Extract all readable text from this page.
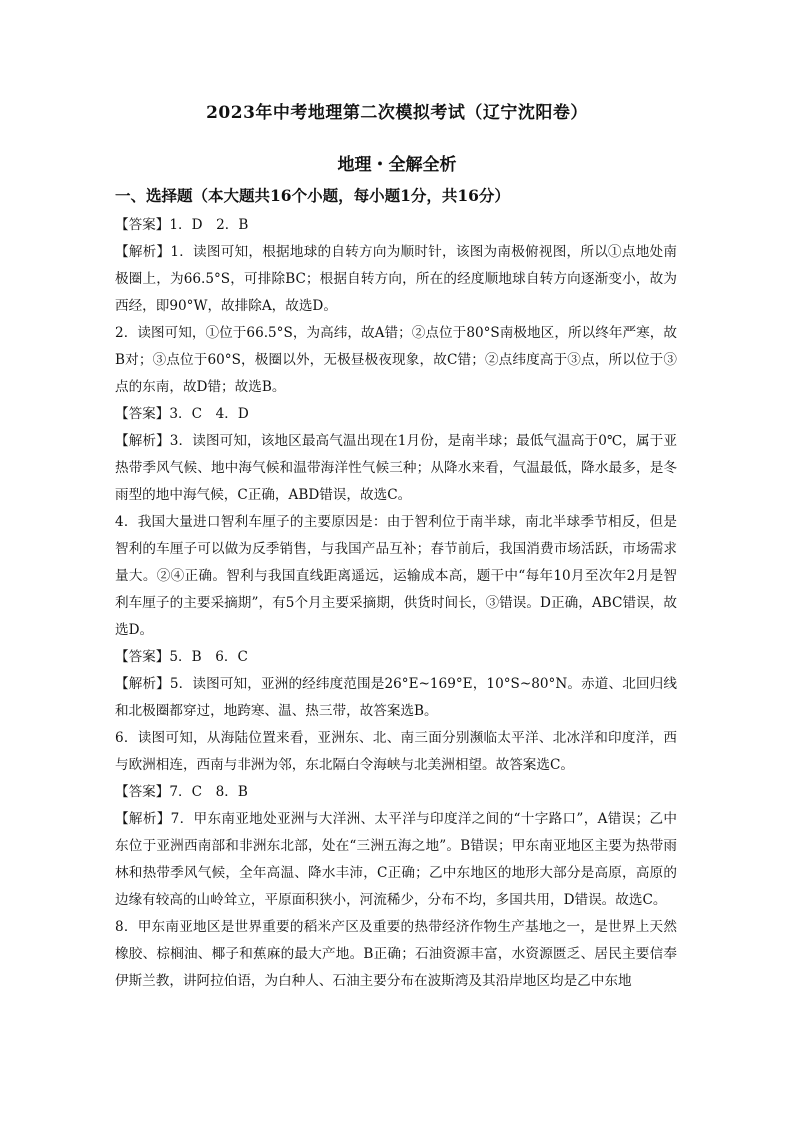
2023年中考地理第二次模拟考试（辽宁沈阳卷）
地理・全解全析
一、选择题（本大题共16个小题，每小题1分，共16分）

【答案】1．D　2．B

【解析】1．读图可知，根据地球的自转方向为顺时针，该图为南极俯视图，所以①点地处南极圈上，为66.5°S，可排除BC；根据自转方向，所在的经度顺地球自转方向逐渐变小，故为西经，即90°W，故排除A，故选D。

2．读图可知，①位于66.5°S，为高纬，故A错；②点位于80°S南极地区，所以终年严寒，故B对；③点位于60°S，极圈以外，无极昼极夜现象，故C错；②点纬度高于③点，所以位于③点的东南，故D错；故选B。

【答案】3．C　4．D

【解析】3．读图可知，该地区最高气温出现在1月份，是南半球；最低气温高于0℃，属于亚热带季风气候、地中海气候和温带海洋性气候三种；从降水来看，气温最低，降水最多，是冬雨型的地中海气候，C正确，ABD错误，故选C。

4．我国大量进口智利车厘子的主要原因是：由于智利位于南半球，南北半球季节相反，但是智利的车厘子可以做为反季销售，与我国产品互补；春节前后，我国消费市场活跃，市场需求量大。②④正确。智利与我国直线距离遥远，运输成本高，题干中“每年10月至次年2月是智利车厘子的主要采摘期”，有5个月主要采摘期，供货时间长，③错误。D正确，ABC错误，故选D。

【答案】5．B　6．C

【解析】5．读图可知，亚洲的经纬度范围是26°E~169°E，10°S~80°N。赤道、北回归线和北极圈都穿过，地跨寒、温、热三带，故答案选B。

6．读图可知，从海陆位置来看，亚洲东、北、南三面分别濒临太平洋、北冰洋和印度洋，西与欧洲相连，西南与非洲为邻，东北隔白令海峡与北美洲相望。故答案选C。

【答案】7．C　8．B

【解析】7．甲东南亚地处亚洲与大洋洲、太平洋与印度洋之间的“十字路口”，A错误；乙中东位于亚洲西南部和非洲东北部，处在“三洲五海之地”。B错误；甲东南亚地区主要为热带雨林和热带季风气候，全年高温、降水丰沛，C正确；乙中东地区的地形大部分是高原，高原的边缘有较高的山岭耸立，平原面积狭小，河流稀少，分布不均，多国共用，D错误。故选C。

8．甲东南亚地区是世界重要的稻米产区及重要的热带经济作物生产基地之一，是世界上天然橡胶、棕榈油、椰子和蕉麻的最大产地。B正确；石油资源丰富，水资源匮乏、居民主要信奉伊斯兰教，讲阿拉伯语，为白种人、石油主要分布在波斯湾及其沿岸地区均是乙中东地
